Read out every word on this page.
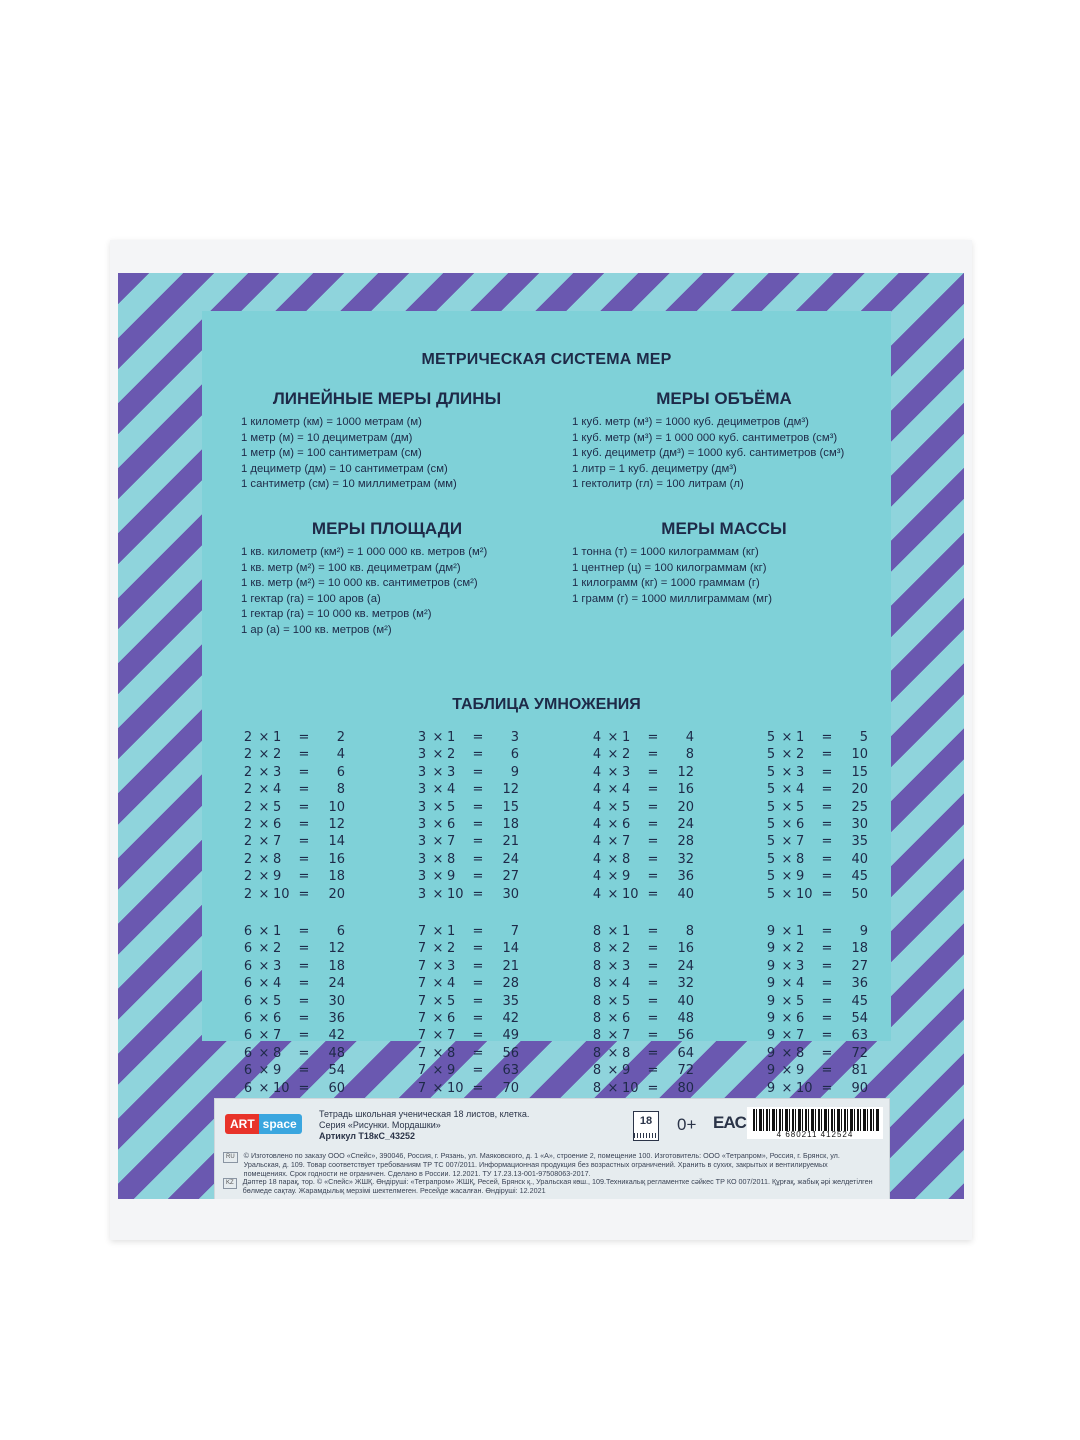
МЕТРИЧЕСКАЯ СИСТЕМА МЕР
ЛИНЕЙНЫЕ МЕРЫ ДЛИНЫ
1 километр (км) = 1000 метрам (м)
1 метр (м) = 10 дециметрам (дм)
1 метр (м) = 100 сантиметрам (см)
1 дециметр (дм) = 10 сантиметрам (см)
1 сантиметр (см) = 10 миллиметрам (мм)
МЕРЫ ОБЪЁМА
1 куб. метр (м³) = 1000 куб. дециметров (дм³)
1 куб. метр (м³) = 1 000 000 куб. сантиметров (см³)
1 куб. дециметр (дм³) = 1000 куб. сантиметров (см³)
1 литр = 1 куб. дециметру (дм³)
1 гектолитр (гл) = 100 литрам (л)
МЕРЫ ПЛОЩАДИ
1 кв. километр (км²) = 1 000 000 кв. метров (м²)
1 кв. метр (м²) = 100 кв. дециметрам (дм²)
1 кв. метр (м²) = 10 000 кв. сантиметров (см²)
1 гектар (га) = 100 аров (а)
1 гектар (га) = 10 000 кв. метров (м²)
1 ар (а) = 100 кв. метров (м²)
МЕРЫ МАССЫ
1 тонна (т) = 1000 килограммам (кг)
1 центнер (ц) = 100 килограммам (кг)
1 килограмм (кг) = 1000 граммам (г)
1 грамм (г) = 1000 миллиграммам (мг)
ТАБЛИЦА УМНОЖЕНИЯ
2 × 1	=	2
2 × 2	=	4
2 × 3	=	6
2 × 4	=	8
2 × 5	=	10
2 × 6	=	12
2 × 7	=	14
2 × 8	=	16
2 × 9	=	18
2 × 10 =	20
3 × 1	=	3
3 × 2	=	6
3 × 3	=	9
3 × 4	=	12
3 × 5	=	15
3 × 6	=	18
3 × 7	=	21
3 × 8	=	24
3 × 9	=	27
3 × 10 =	30
4 × 1	=	4
4 × 2	=	8
4 × 3	=	12
4 × 4	=	16
4 × 5	=	20
4 × 6	=	24
4 × 7	=	28
4 × 8	=	32
4 × 9	=	36
4 × 10 =	40
5 × 1	=	5
5 × 2	=	10
5 × 3	=	15
5 × 4	=	20
5 × 5	=	25
5 × 6	=	30
5 × 7	=	35
5 × 8	=	40
5 × 9	=	45
5 × 10 =	50
6 × 1	=	6
6 × 2	=	12
6 × 3	=	18
6 × 4	=	24
6 × 5	=	30
6 × 6	=	36
6 × 7	=	42
6 × 8	=	48
6 × 9	=	54
6 × 10 =	60
7 × 1	=	7
7 × 2	=	14
7 × 3	=	21
7 × 4	=	28
7 × 5	=	35
7 × 6	=	42
7 × 7	=	49
7 × 8	=	56
7 × 9	=	63
7 × 10 =	70
8 × 1	=	8
8 × 2	=	16
8 × 3	=	24
8 × 4	=	32
8 × 5	=	40
8 × 6	=	48
8 × 7	=	56
8 × 8	=	64
8 × 9	=	72
8 × 10 =	80
9 × 1	=	9
9 × 2	=	18
9 × 3	=	27
9 × 4	=	36
9 × 5	=	45
9 × 6	=	54
9 × 7	=	63
9 × 8	=	72
9 × 9	=	81
9 × 10 =	90
ART space
Тетрадь школьная ученическая 18 листов, клетка.
Серия «Рисунки. Мордашки»
Артикул Т18кС_43252
18	0+ EAC
4 680211 412524
RU © Изготовлено по заказу ООО «Спейс», 390046, Россия, г. Рязань, ул. Маяковского, д. 1 «А», строение 2, помещение 100. Изготовитель: ООО «Тетрапром», Россия, г. Брянск, ул. Уральская, д. 109. Товар соответствует требованиям ТР ТС 007/2011. Информационная продукция без возрастных ограничений. Хранить в сухих, закрытых и вентилируемых помещениях. Срок годности не ограничен. Сделано в России. 12.2021. ТУ 17.23.13-001-97508063-2017.
KZ Дәптер 18 парақ, тор. © «Спейс» ЖШҚ. Өндіруші: «Тетрапром» ЖШҚ, Ресей, Брянск қ., Уральская көш., 109.Техникалық регламентке сәйкес ТР КО 007/2011. Құрғақ, жабық әрі желдетілген бөлмеде сақтау. Жарамдылық мерзімі шектелмеген. Ресейде жасалған. Өндіруші: 12.2021
